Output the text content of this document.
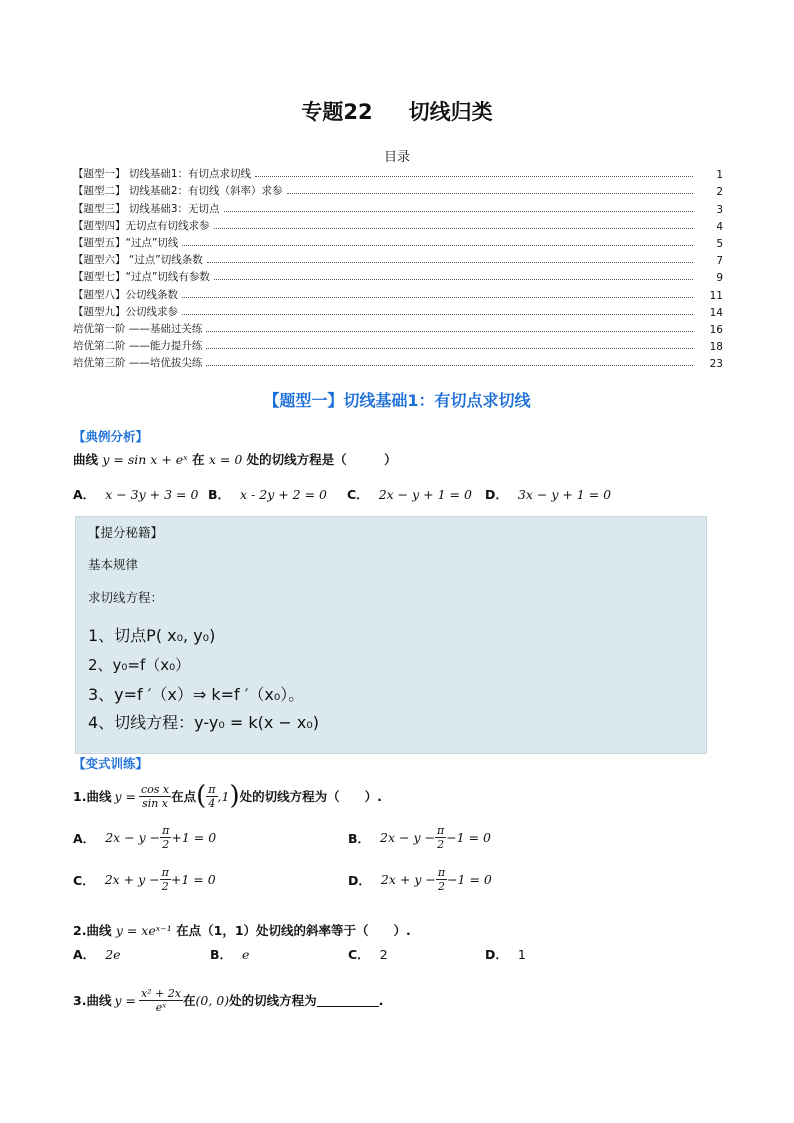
专题22 切线归类
目录
【题型一】 切线基础1：有切点求切线	1
【题型二】 切线基础2：有切线（斜率）求参	2
【题型三】 切线基础3：无切点	3
【题型四】无切点有切线求参	4
【题型五】“过点”切线	5
【题型六】 “过点”切线条数	7
【题型七】“过点”切线有参数	9
【题型八】公切线条数	11
【题型九】公切线求参	14
培优第一阶 ——基础过关练	16
培优第二阶 ——能力提升练	18
培优第三阶 ——培优拔尖练	23
【题型一】切线基础1：有切点求切线
【典例分析】
曲线 y = sin x + eˣ 在 x = 0 处的切线方程是（　　　）
A． x − 3y + 3 = 0 B． x - 2y + 2 = 0 C． 2x − y + 1 = 0 D． 3x − y + 1 = 0
【提分秘籍】
基本规律
求切线方程：
1、切点P( x₀, y₀)
2、y₀=f（x₀）
3、y=f ′（x）⇒ k=f ′（x₀）。
4、切线方程：y-y₀ = k(x − x₀)
【变式训练】
1.曲线 $y = \frac{\text{cos x}}{\text{sin x}}$ 在点 ( $\frac{\pi}{4} ,1$ ) 处的切线方程为（　　）.
A． $2x - y - \frac{\pi}{2} +1 = 0$	B． $2x - y - \frac{\pi}{2} -1 = 0$
C． $2x + y - \frac{\pi}{2} +1 = 0$	D． $2x + y - \frac{\pi}{2} -1 = 0$
2.曲线 y = xeˣ⁻¹ 在点（1，1）处切线的斜率等于（　　）.
A． 2e	B． e	C． 2	D． 1
3.曲线 $y = \frac{\text{x² + 2x}}{\text{eˣ}}$ 在 (0, 0) 处的切线方程为	.
